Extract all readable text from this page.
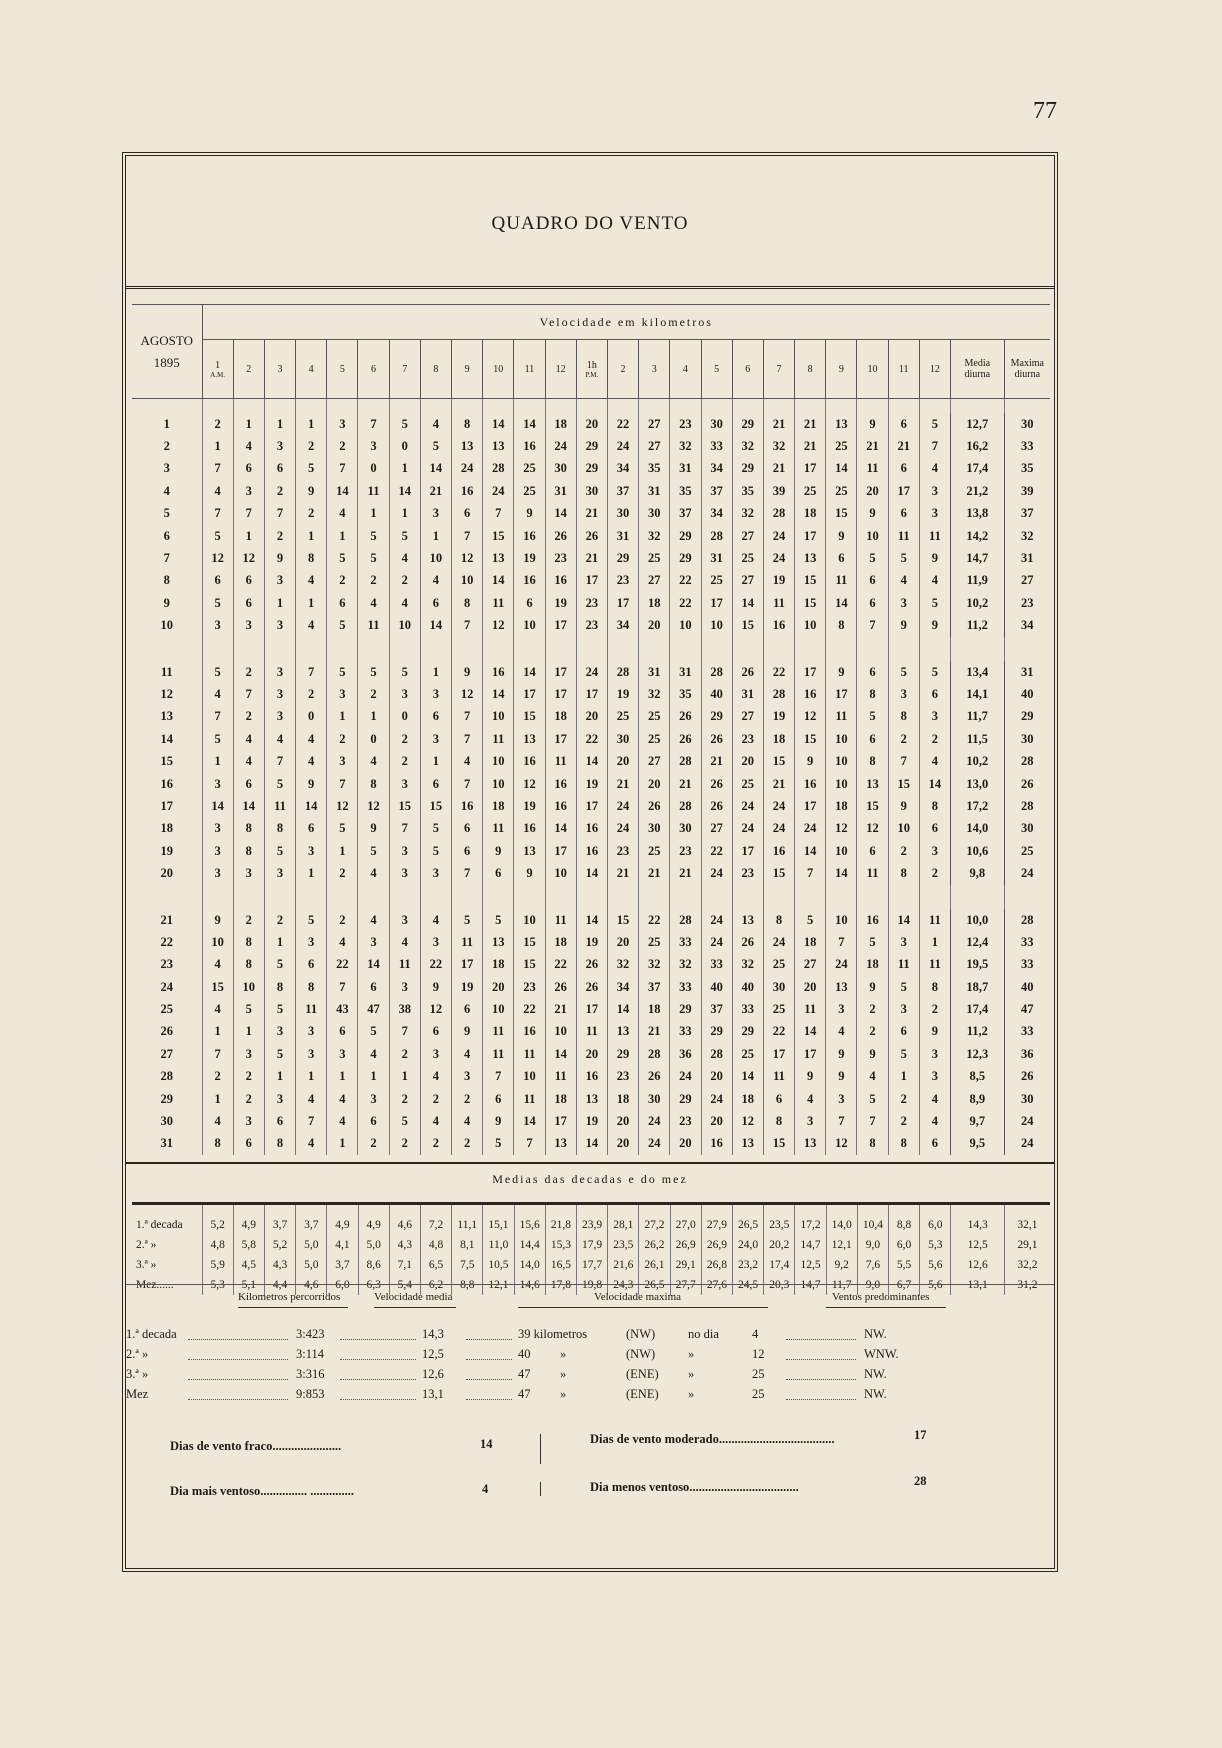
77
QUADRO DO VENTO
AGOSTO
1895	Velocidade em kilometros																									
	1
A.M.	2	3	4	5	6	7	8	9	10	11	12	1h
P.M.	2	3	4	5	6	7	8	9	10	11	12	Media diurna	Maxima diurna

1	2	1	1	1	3	7	5	4	8	14	14	18	20	22	27	23	30	29	21	21	13	9	6	5	12,7	30
2	1	4	3	2	2	3	0	5	13	13	16	24	29	24	27	32	33	32	32	21	25	21	21	7	16,2	33
3	7	6	6	5	7	0	1	14	24	28	25	30	29	34	35	31	34	29	21	17	14	11	6	4	17,4	35
4	4	3	2	9	14	11	14	21	16	24	25	31	30	37	31	35	37	35	39	25	25	20	17	3	21,2	39
5	7	7	7	2	4	1	1	3	6	7	9	14	21	30	30	37	34	32	28	18	15	9	6	3	13,8	37
6	5	1	2	1	1	5	5	1	7	15	16	26	26	31	32	29	28	27	24	17	9	10	11	11	14,2	32
7	12	12	9	8	5	5	4	10	12	13	19	23	21	29	25	29	31	25	24	13	6	5	5	9	14,7	31
8	6	6	3	4	2	2	2	4	10	14	16	16	17	23	27	22	25	27	19	15	11	6	4	4	11,9	27
9	5	6	1	1	6	4	4	6	8	11	6	19	23	17	18	22	17	14	11	15	14	6	3	5	10,2	23
10	3	3	3	4	5	11	10	14	7	12	10	17	23	34	20	10	10	15	16	10	8	7	9	9	11,2	34

11	5	2	3	7	5	5	5	1	9	16	14	17	24	28	31	31	28	26	22	17	9	6	5	5	13,4	31
12	4	7	3	2	3	2	3	3	12	14	17	17	17	19	32	35	40	31	28	16	17	8	3	6	14,1	40
13	7	2	3	0	1	1	0	6	7	10	15	18	20	25	25	26	29	27	19	12	11	5	8	3	11,7	29
14	5	4	4	4	2	0	2	3	7	11	13	17	22	30	25	26	26	23	18	15	10	6	2	2	11,5	30
15	1	4	7	4	3	4	2	1	4	10	16	11	14	20	27	28	21	20	15	9	10	8	7	4	10,2	28
16	3	6	5	9	7	8	3	6	7	10	12	16	19	21	20	21	26	25	21	16	10	13	15	14	13,0	26
17	14	14	11	14	12	12	15	15	16	18	19	16	17	24	26	28	26	24	24	17	18	15	9	8	17,2	28
18	3	8	8	6	5	9	7	5	6	11	16	14	16	24	30	30	27	24	24	24	12	12	10	6	14,0	30
19	3	8	5	3	1	5	3	5	6	9	13	17	16	23	25	23	22	17	16	14	10	6	2	3	10,6	25
20	3	3	3	1	2	4	3	3	7	6	9	10	14	21	21	21	24	23	15	7	14	11	8	2	9,8	24

21	9	2	2	5	2	4	3	4	5	5	10	11	14	15	22	28	24	13	8	5	10	16	14	11	10,0	28
22	10	8	1	3	4	3	4	3	11	13	15	18	19	20	25	33	24	26	24	18	7	5	3	1	12,4	33
23	4	8	5	6	22	14	11	22	17	18	15	22	26	32	32	32	33	32	25	27	24	18	11	11	19,5	33
24	15	10	8	8	7	6	3	9	19	20	23	26	26	34	37	33	40	40	30	20	13	9	5	8	18,7	40
25	4	5	5	11	43	47	38	12	6	10	22	21	17	14	18	29	37	33	25	11	3	2	3	2	17,4	47
26	1	1	3	3	6	5	7	6	9	11	16	10	11	13	21	33	29	29	22	14	4	2	6	9	11,2	33
27	7	3	5	3	3	4	2	3	4	11	11	14	20	29	28	36	28	25	17	17	9	9	5	3	12,3	36
28	2	2	1	1	1	1	1	4	3	7	10	11	16	23	26	24	20	14	11	9	9	4	1	3	8,5	26
29	1	2	3	4	4	3	2	2	2	6	11	18	13	18	30	29	24	18	6	4	3	5	2	4	8,9	30
30	4	3	6	7	4	6	5	4	4	9	14	17	19	20	24	23	20	12	8	3	7	7	2	4	9,7	24
31	8	6	8	4	1	2	2	2	2	5	7	13	14	20	24	20	16	13	15	13	12	8	8	6	9,5	24
Medias das decadas e do mez
1.ª decada	5,2	4,9	3,7	3,7	4,9	4,9	4,6	7,2	11,1	15,1	15,6	21,8	23,9	28,1	27,2	27,0	27,9	26,5	23,5	17,2	14,0	10,4	8,8	6,0	14,3	32,1
2.ª »	4,8	5,8	5,2	5,0	4,1	5,0	4,3	4,8	8,1	11,0	14,4	15,3	17,9	23,5	26,2	26,9	26,9	24,0	20,2	14,7	12,1	9,0	6,0	5,3	12,5	29,1
3.ª »	5,9	4,5	4,3	5,0	3,7	8,6	7,1	6,5	7,5	10,5	14,0	16,5	17,7	21,6	26,1	29,1	26,8	23,2	17,4	12,5	9,2	7,6	5,5	5,6	12,6	32,2
Mez......	5,3	5,1	4,4	4,6	6,0	6,3	5,4	6,2	8,8	12,1	14,6	17,8	19,8	24,3	26,5	27,7	27,6	24,5	20,3	14,7	11,7	9,0	6,7	5,6	13,1	31,2
Kilometros percorridos	Velocidade media	Velocidade maxima	Ventos predominantes
1.ª decada	3:423	14,3	39 kilometros	(NW)	no dia	4	NW.
2.ª »	3:114	12,5	40 »	(NW)	»	12	WNW.
3.ª »	3:316	12,6	47 »	(ENE) »	25	NW.
Mez	9:853	13,1	47 »	(ENE) »	25	NW.
Dias de vento fraco......................	14	Dias de vento moderado.....................................	17
Dia mais ventoso............... ..............	4	Dia menos ventoso...................................	28
